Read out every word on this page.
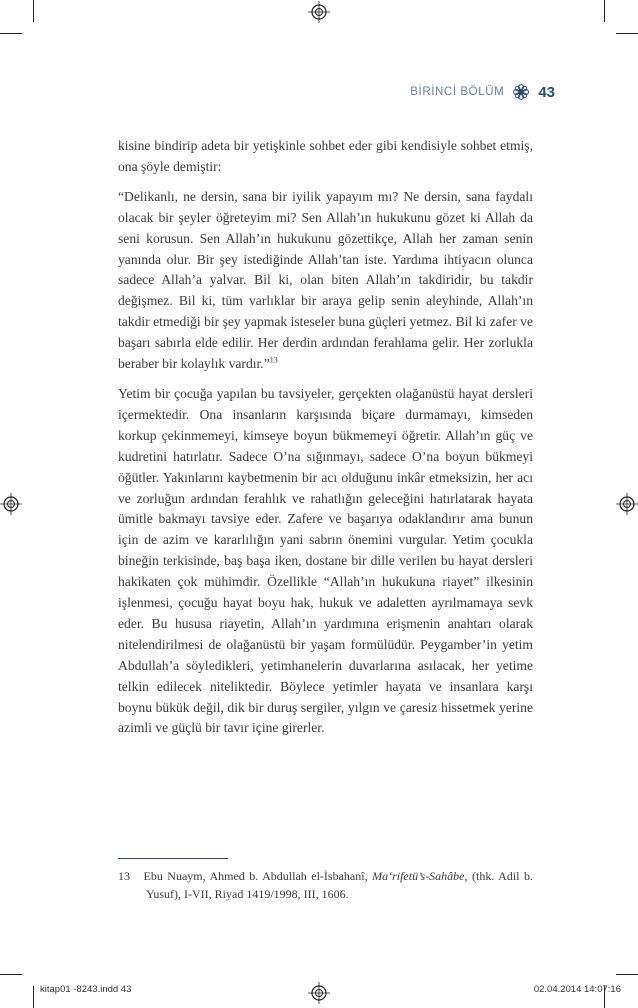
BİRİNCİ BÖLÜM 43

kisine bindirip adeta bir yetişkinle sohbet eder gibi kendisiyle sohbet etmiş, ona şöyle demiştir:

“Delikanlı, ne dersin, sana bir iyilik yapayım mı? Ne dersin, sana faydalı olacak bir şeyler öğreteyim mi? Sen Allah’ın hukukunu gözet ki Allah da seni korusun. Sen Allah’ın hukukunu gözettikçe, Allah her zaman senin yanında olur. Bir şey istediğinde Allah’tan iste. Yardıma ihtiyacın olunca sadece Allah’a yalvar. Bil ki, olan biten Allah’ın takdiridir, bu takdir değişmez. Bil ki, tüm varlıklar bir araya gelip senin aleyhinde, Allah’ın takdir etmediği bir şey yapmak isteseler buna güçleri yetmez. Bil ki zafer ve başarı sabırla elde edilir. Her derdin ardından ferahlama gelir. Her zorlukla beraber bir kolaylık vardır.”$^{13}$

Yetim bir çocuğa yapılan bu tavsiyeler, gerçekten olağanüstü hayat dersleri içermektedir. Ona insanların karşısında biçare durmamayı, kimseden korkup çekinmemeyi, kimseye boyun bükmemeyi öğretir. Allah’ın güç ve kudretini hatırlatır. Sadece O’na sığınmayı, sadece O’na boyun bükmeyi öğütler. Yakınlarını kaybetmenin bir acı olduğunu inkâr etmeksizin, her acı ve zorluğun ardından ferahlık ve rahatlığın geleceğini hatırlatarak hayata ümitle bakmayı tavsiye eder. Zafere ve başarıya odaklandırır ama bunun için de azim ve kararlılığın yani sabrın önemini vurgular. Yetim çocukla bineğin terkisinde, baş başa iken, dostane bir dille verilen bu hayat dersleri hakikaten çok mühimdir. Özellikle “Allah’ın hukukuna riayet” ilkesinin işlenmesi, çocuğu hayat boyu hak, hukuk ve adaletten ayrılmamaya sevk eder. Bu hususa riayetin, Allah’ın yardımına erişmenin anahtarı olarak nitelendirilmesi de olağanüstü bir yaşam formülüdür. Peygamber’in yetim Abdullah’a söyledikleri, yetimhanelerin duvarlarına asılacak, her yetime telkin edilecek niteliktedir. Böylece yetimler hayata ve insanlara karşı boynu bükük değil, dik bir duruş sergiler, yılgın ve çaresiz hissetmek yerine azimli ve güçlü bir tavır içine girerler.

13 Ebu Nuaym, Ahmed b. Abdullah el-İsbahanî, Ma‘rifetü’s-Sahâbe, (thk. Adil b. Yusuf), I-VII, Riyad 1419/1998, III, 1606.
kitap01 -8243.indd 43	02.04.2014 14:07:16
